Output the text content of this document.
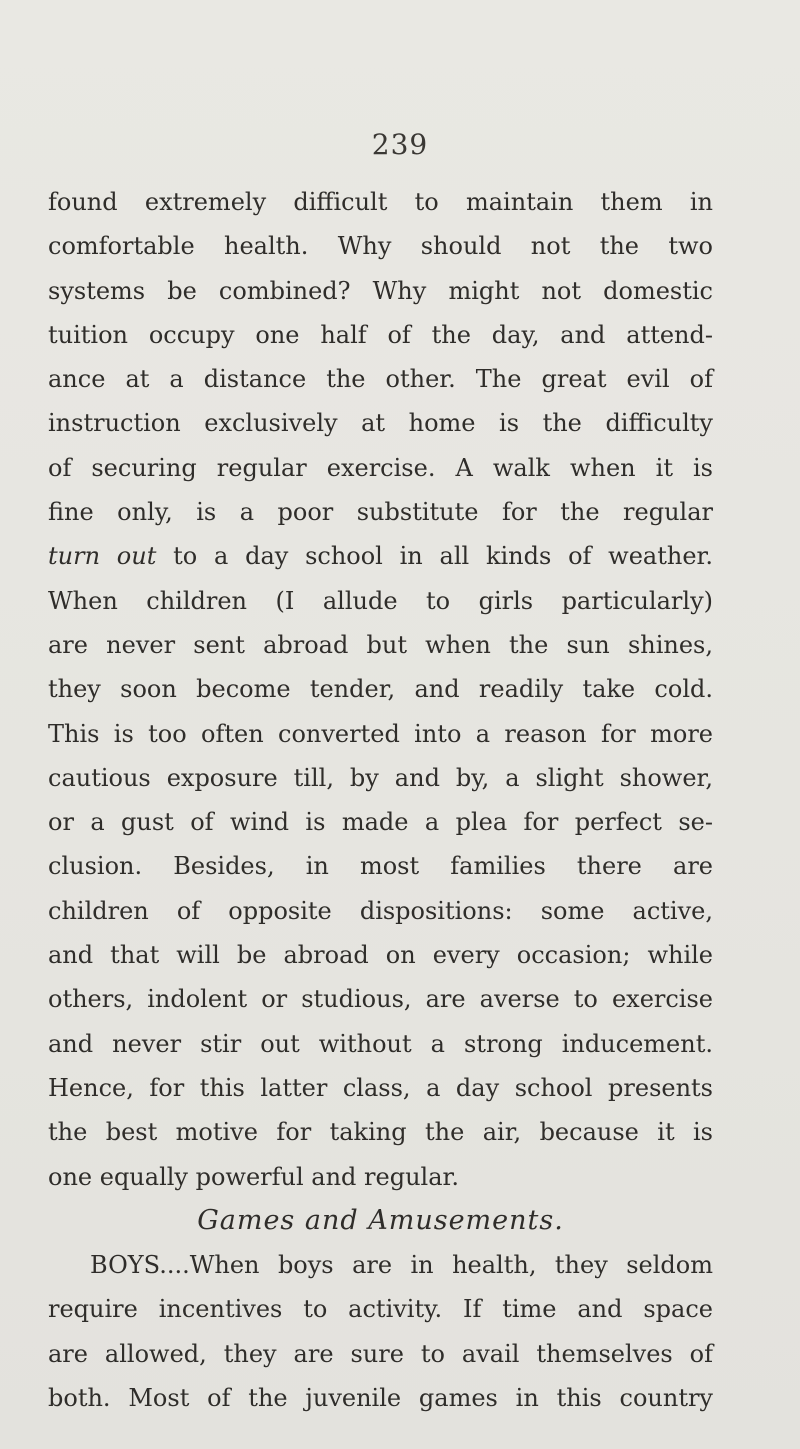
239
found extremely difficult to maintain them in
comfortable health. Why should not the two
systems be combined? Why might not domestic
tuition occupy one half of the day, and attend-
ance at a distance the other. The great evil of
instruction exclusively at home is the difficulty
of securing regular exercise. A walk when it is
fine only, is a poor substitute for the regular
turn out to a day school in all kinds of weather.
When children (I allude to girls particularly)
are never sent abroad but when the sun shines,
they soon become tender, and readily take cold.
This is too often converted into a reason for more
cautious exposure till, by and by, a slight shower,
or a gust of wind is made a plea for perfect se-
clusion. Besides, in most families there are
children of opposite dispositions: some active,
and that will be abroad on every occasion; while
others, indolent or studious, are averse to exercise
and never stir out without a strong inducement.
Hence, for this latter class, a day school presents
the best motive for taking the air, because it is
one equally powerful and regular.
Games and Amusements.
BOYS....When boys are in health, they seldom
require incentives to activity. If time and space
are allowed, they are sure to avail themselves of
both. Most of the juvenile games in this country
